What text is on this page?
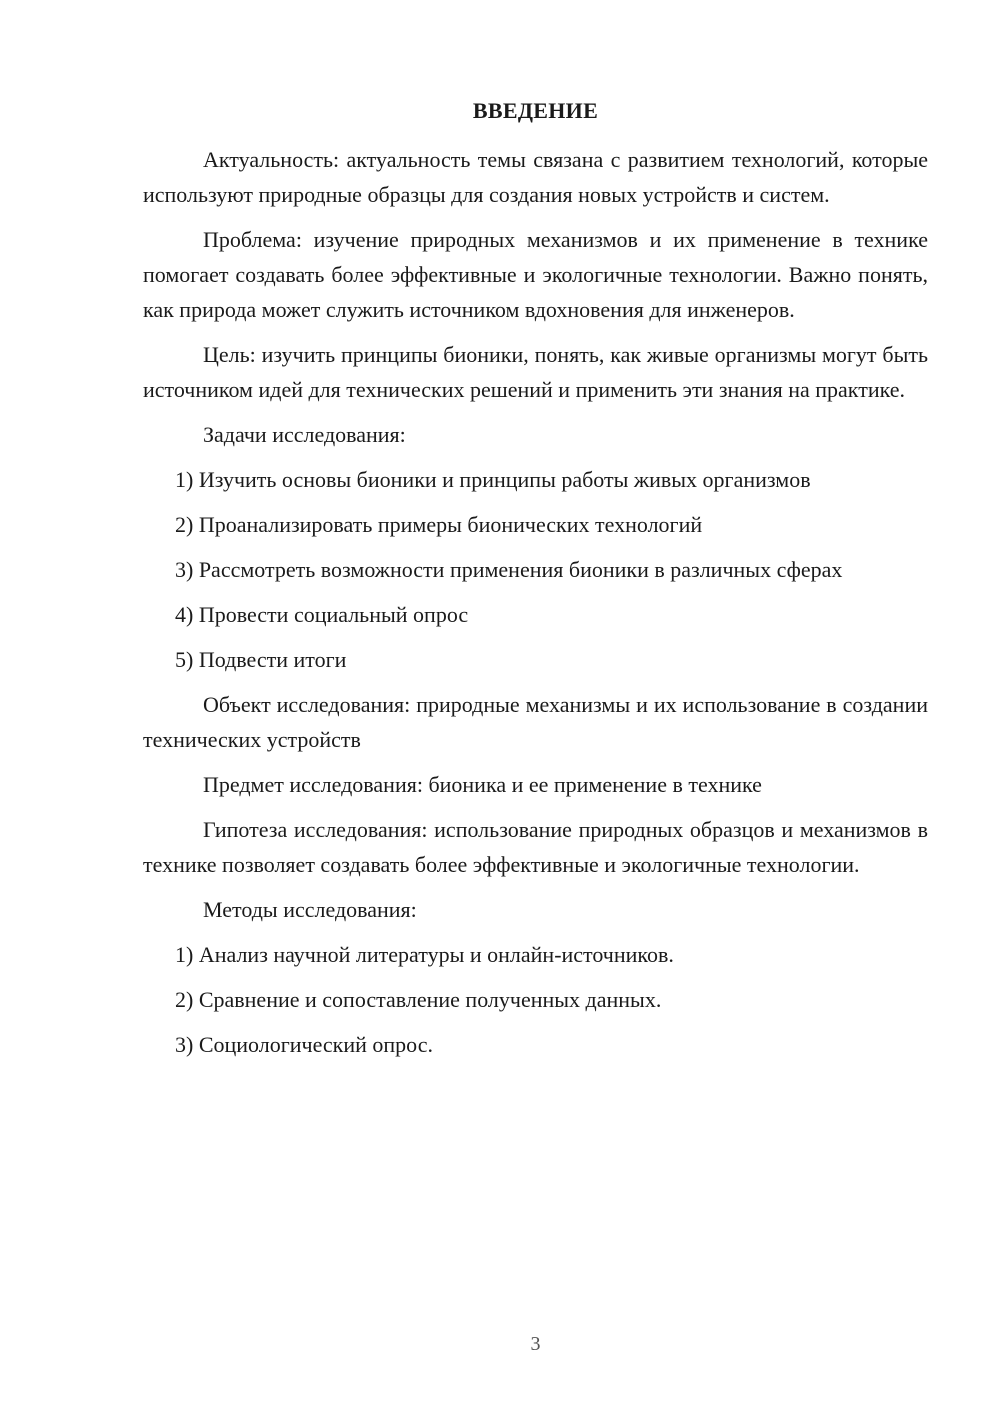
ВВЕДЕНИЕ

Актуальность: актуальность темы связана с развитием технологий, которые используют природные образцы для создания новых устройств и систем.

Проблема: изучение природных механизмов и их применение в технике помогает создавать более эффективные и экологичные технологии. Важно понять, как природа может служить источником вдохновения для инженеров.

Цель: изучить принципы бионики, понять, как живые организмы могут быть источником идей для технических решений и применить эти знания на практике.

Задачи исследования:

1) Изучить основы бионики и принципы работы живых организмов

2) Проанализировать примеры бионических технологий

3) Рассмотреть возможности применения бионики в различных сферах

4) Провести социальный опрос

5) Подвести итоги

Объект исследования: природные механизмы и их использование в создании технических устройств

Предмет исследования: бионика и ее применение в технике

Гипотеза исследования: использование природных образцов и механизмов в технике позволяет создавать более эффективные и экологичные технологии.

Методы исследования:

1) Анализ научной литературы и онлайн-источников.

2) Сравнение и сопоставление полученных данных.

3) Социологический опрос.

3
